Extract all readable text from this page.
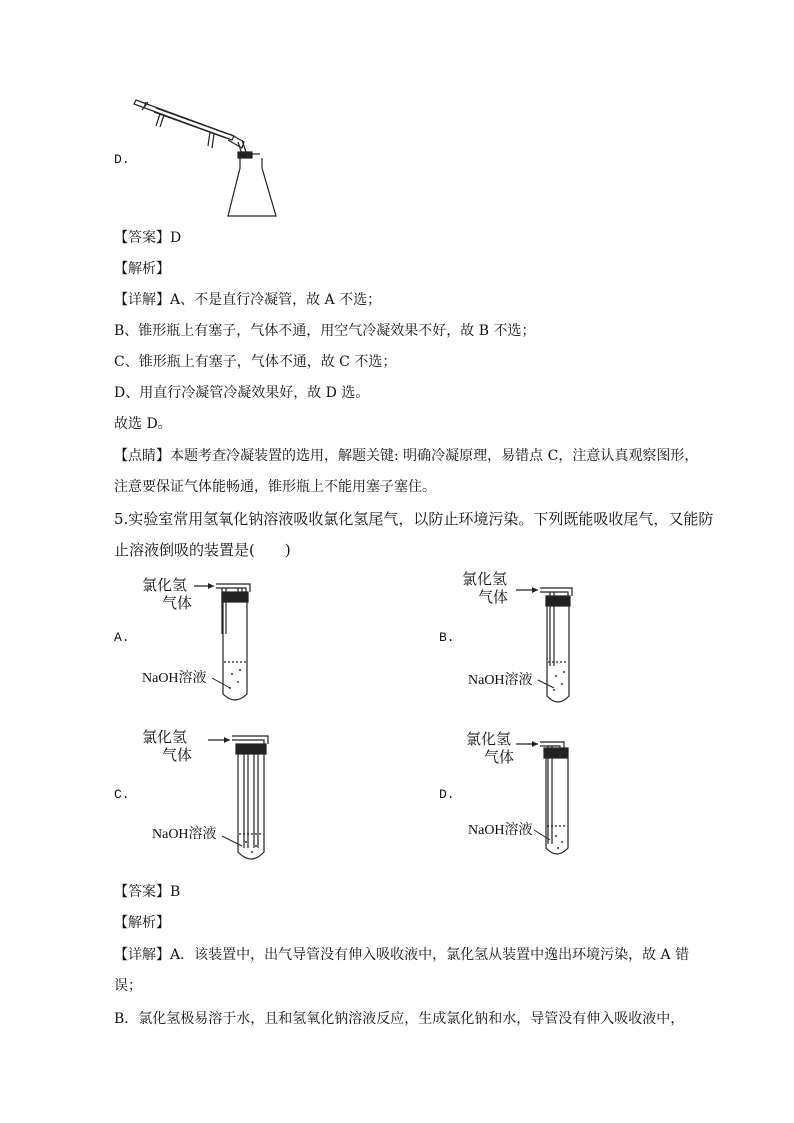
D.
【答案】D
【解析】
【详解】A、不是直行冷凝管，故 A 不选；
B、锥形瓶上有塞子，气体不通，用空气冷凝效果不好，故 B 不选；
C、锥形瓶上有塞子，气体不通，故 C 不选；
D、用直行冷凝管冷凝效果好，故 D 选。
故选 D。
【点睛】本题考查冷凝装置的选用，解题关键: 明确冷凝原理，易错点 C，注意认真观察图形，
注意要保证气体能畅通，锥形瓶上不能用塞子塞住。
5.实验室常用氢氧化钠溶液吸收氯化氢尾气，以防止环境污染。下列既能吸收尾气，又能防
止溶液倒吸的装置是(　　)
A.	B.
C.	D.
氯化氢
气体
NaOH溶液
氯化氢
气体
NaOH溶液
氯化氢
气体
NaOH溶液
氯化氢
气体
NaOH溶液
【答案】B
【解析】
【详解】A．该装置中，出气导管没有伸入吸收液中，氯化氢从装置中逸出环境污染，故 A 错
误；
B．氯化氢极易溶于水，且和氢氧化钠溶液反应，生成氯化钠和水，导管没有伸入吸收液中，
